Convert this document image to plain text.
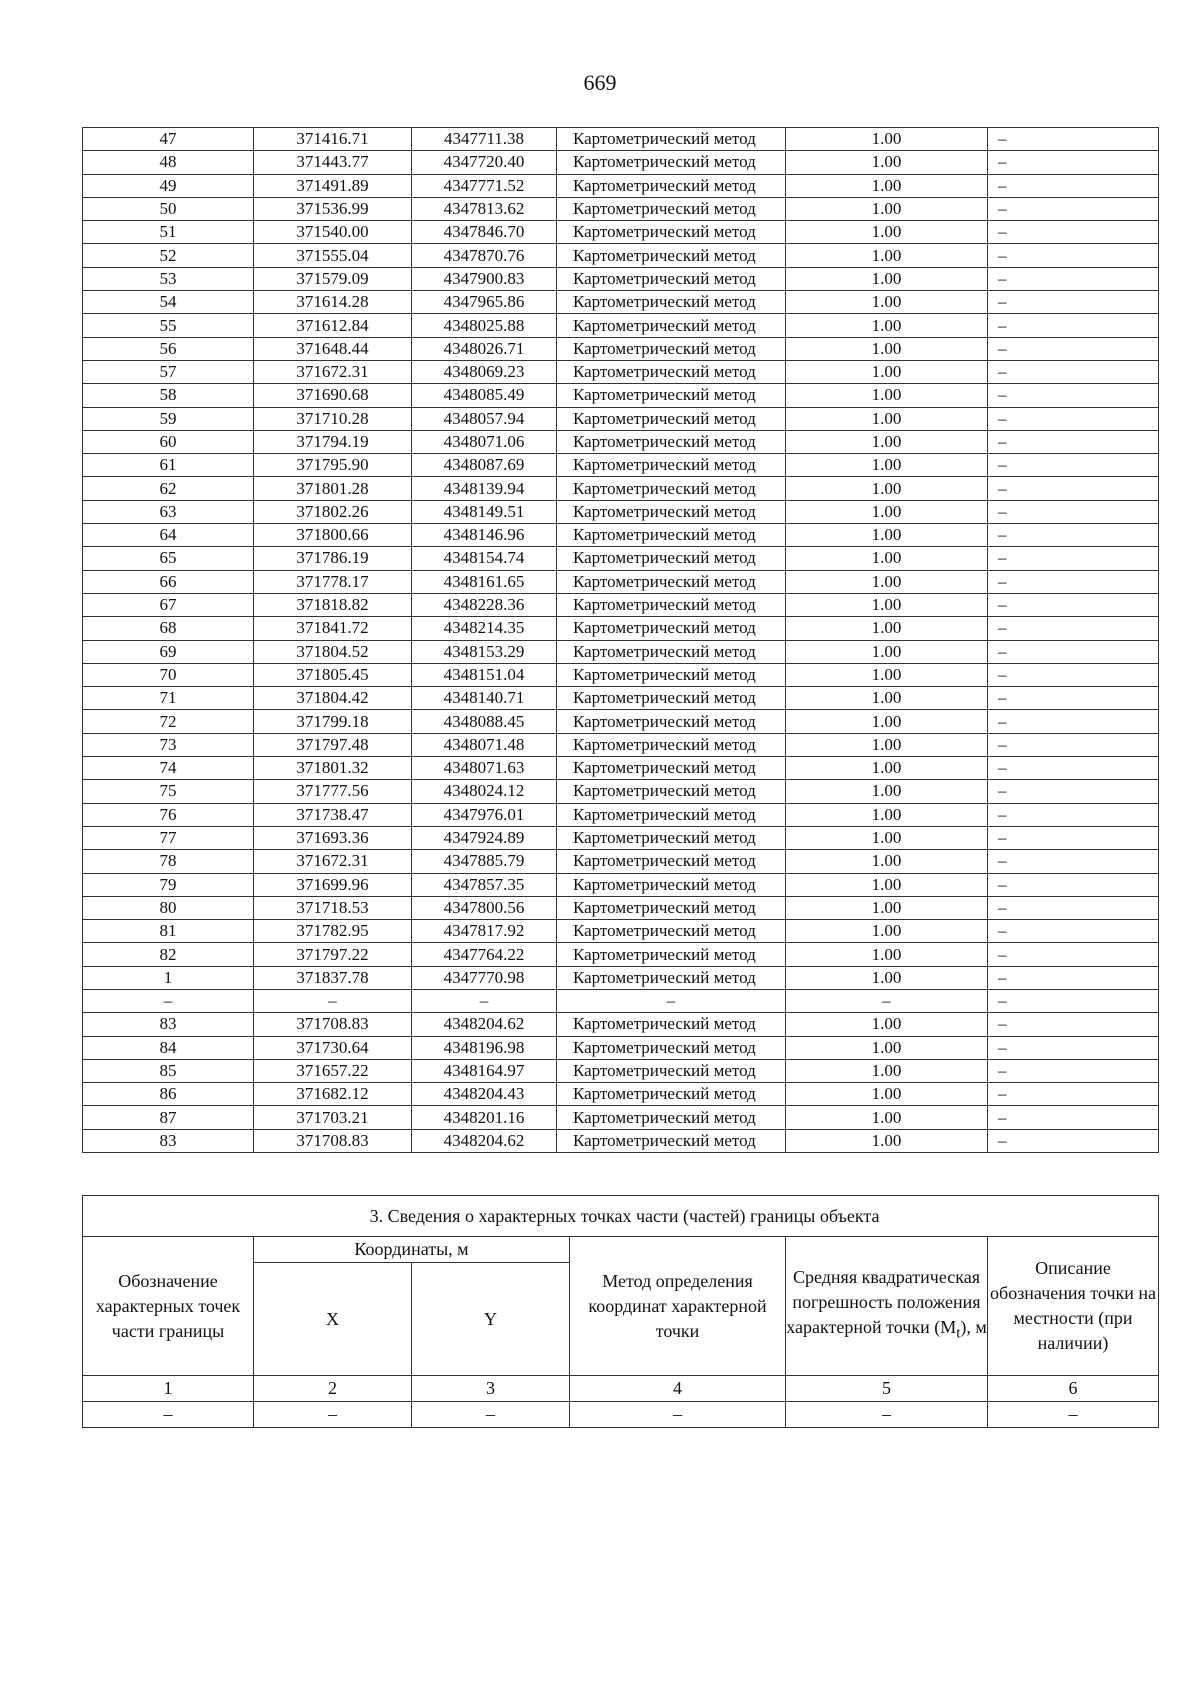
669
47	371416.71	4347711.38	Картометрический метод	1.00	–
48	371443.77	4347720.40	Картометрический метод	1.00	–
49	371491.89	4347771.52	Картометрический метод	1.00	–
50	371536.99	4347813.62	Картометрический метод	1.00	–
51	371540.00	4347846.70	Картометрический метод	1.00	–
52	371555.04	4347870.76	Картометрический метод	1.00	–
53	371579.09	4347900.83	Картометрический метод	1.00	–
54	371614.28	4347965.86	Картометрический метод	1.00	–
55	371612.84	4348025.88	Картометрический метод	1.00	–
56	371648.44	4348026.71	Картометрический метод	1.00	–
57	371672.31	4348069.23	Картометрический метод	1.00	–
58	371690.68	4348085.49	Картометрический метод	1.00	–
59	371710.28	4348057.94	Картометрический метод	1.00	–
60	371794.19	4348071.06	Картометрический метод	1.00	–
61	371795.90	4348087.69	Картометрический метод	1.00	–
62	371801.28	4348139.94	Картометрический метод	1.00	–
63	371802.26	4348149.51	Картометрический метод	1.00	–
64	371800.66	4348146.96	Картометрический метод	1.00	–
65	371786.19	4348154.74	Картометрический метод	1.00	–
66	371778.17	4348161.65	Картометрический метод	1.00	–
67	371818.82	4348228.36	Картометрический метод	1.00	–
68	371841.72	4348214.35	Картометрический метод	1.00	–
69	371804.52	4348153.29	Картометрический метод	1.00	–
70	371805.45	4348151.04	Картометрический метод	1.00	–
71	371804.42	4348140.71	Картометрический метод	1.00	–
72	371799.18	4348088.45	Картометрический метод	1.00	–
73	371797.48	4348071.48	Картометрический метод	1.00	–
74	371801.32	4348071.63	Картометрический метод	1.00	–
75	371777.56	4348024.12	Картометрический метод	1.00	–
76	371738.47	4347976.01	Картометрический метод	1.00	–
77	371693.36	4347924.89	Картометрический метод	1.00	–
78	371672.31	4347885.79	Картометрический метод	1.00	–
79	371699.96	4347857.35	Картометрический метод	1.00	–
80	371718.53	4347800.56	Картометрический метод	1.00	–
81	371782.95	4347817.92	Картометрический метод	1.00	–
82	371797.22	4347764.22	Картометрический метод	1.00	–
1	371837.78	4347770.98	Картометрический метод	1.00	–
–	–	–	–	–	–
83	371708.83	4348204.62	Картометрический метод	1.00	–
84	371730.64	4348196.98	Картометрический метод	1.00	–
85	371657.22	4348164.97	Картометрический метод	1.00	–
86	371682.12	4348204.43	Картометрический метод	1.00	–
87	371703.21	4348201.16	Картометрический метод	1.00	–
83	371708.83	4348204.62	Картометрический метод	1.00	–
3. Сведения о характерных точках части (частей) границы объекта					
Обозначение характерных точек части границы	Координаты, м		Метод определения координат характерной точки	Средняя квадратическая погрешность положения характерной точки $(M_t)$, м	Описание обозначения точки на местности (при наличии)
	X	Y			
1	2	3	4	5	6
–	–	–	–	–	–
